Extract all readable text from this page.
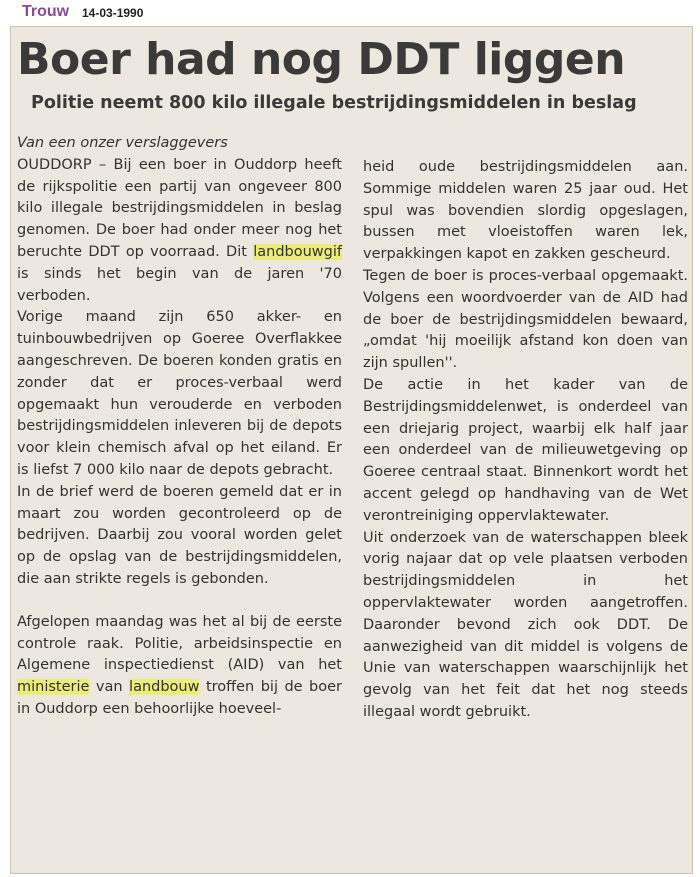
Trouw 14-03-1990
Boer had nog DDT liggen
Politie neemt 800 kilo illegale bestrijdingsmiddelen in beslag

Van een onzer verslaggevers

OUDDORP – Bij een boer in Ouddorp heeft de rijkspolitie een partij van ongeveer 800 kilo illegale bestrijdingsmiddelen in beslag genomen. De boer had onder meer nog het beruchte DDT op voorraad. Dit landbouwgif is sinds het begin van de jaren '70 verboden.

Vorige maand zijn 650 akker- en tuinbouwbedrijven op Goeree Overflakkee aangeschreven. De boeren konden gratis en zonder dat er proces-verbaal werd opgemaakt hun verouderde en verboden bestrijdingsmiddelen inleveren bij de depots voor klein chemisch afval op het eiland. Er is liefst 7 000 kilo naar de depots gebracht.

In de brief werd de boeren gemeld dat er in maart zou worden gecontroleerd op de bedrijven. Daarbij zou vooral worden gelet op de opslag van de bestrijdingsmiddelen, die aan strikte regels is gebonden.

Afgelopen maandag was het al bij de eerste controle raak. Politie, arbeidsinspectie en Algemene inspectiedienst (AID) van het ministerie van landbouw troffen bij de boer in Ouddorp een behoorlijke hoeveel-

heid oude bestrijdingsmiddelen aan. Sommige middelen waren 25 jaar oud. Het spul was bovendien slordig opgeslagen, bussen met vloeistoffen waren lek, verpakkingen kapot en zakken gescheurd.

Tegen de boer is proces-verbaal opgemaakt. Volgens een woordvoerder van de AID had de boer de bestrijdingsmiddelen bewaard, „omdat 'hij moeilijk afstand kon doen van zijn spullen''.

De actie in het kader van de Bestrijdingsmiddelenwet, is onderdeel van een driejarig project, waarbij elk half jaar een onderdeel van de milieuwetgeving op Goeree centraal staat. Binnenkort wordt het accent gelegd op handhaving van de Wet verontreiniging oppervlaktewater.

Uit onderzoek van de waterschappen bleek vorig najaar dat op vele plaatsen verboden bestrijdingsmiddelen in het oppervlaktewater worden aangetroffen. Daaronder bevond zich ook DDT. De aanwezigheid van dit middel is volgens de Unie van waterschappen waarschijnlijk het gevolg van het feit dat het nog steeds illegaal wordt gebruikt.
